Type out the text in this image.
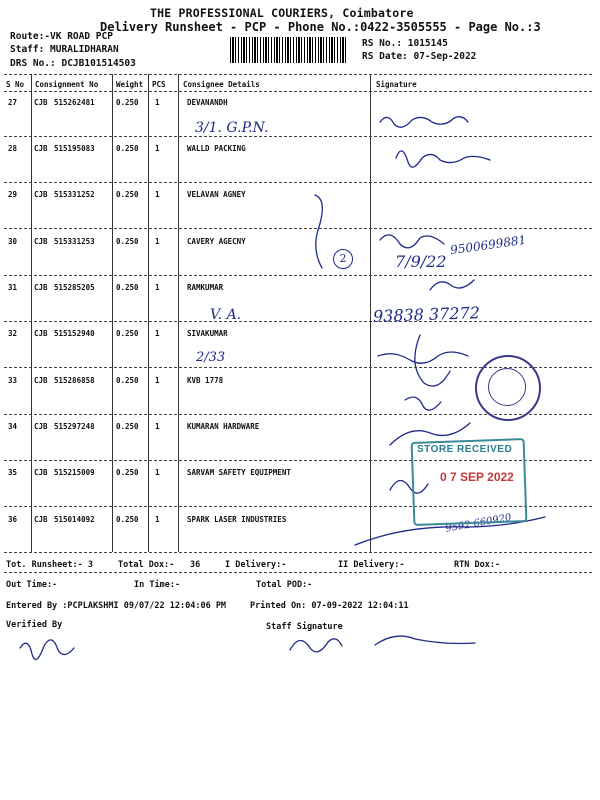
THE PROFESSIONAL COURIERS, Coimbatore
Delivery Runsheet - PCP - Phone No.:0422-3505555 - Page No.:3
Route:-VK ROAD PCP
Staff: MURALIDHARAN
DRS No.: DCJB101514503
RS No.: 1015145
RS Date: 07-Sep-2022
S No Consignment No Weight PCS Consignee Details	Signature
27 CJB 515262481	0.250 1	DEVANANDH
28 CJB 515195083	0.250 1	WALLD PACKING
29 CJB 515331252	0.250 1	VELAVAN AGNEY
30 CJB 515331253	0.250 1	CAVERY AGECNY
31 CJB 515285205	0.250 1	RAMKUMAR
32 CJB 515152940	0.250 1	SIVAKUMAR
33 CJB 515286858	0.250 1	KVB 1778
34 CJB 515297248	0.250 1	KUMARAN HARDWARE
35 CJB 515215009	0.250 1	SARVAM SAFETY EQUIPMENT
36 CJB 515014092	0.250 1	SPARK LASER INDUSTRIES
3/1. G.P.N.
V. A.
2/33
7/9/22
9500699881
93838 37272
9592 660920
2
STORE RECEIVED
0 7 SEP 2022
Tot. Runsheet:- 3	Total Dox:- 36	I Delivery:-	II Delivery:-	RTN Dox:-
Out Time:-	In Time:-	Total POD:-
Entered By :PCPLAKSHMI 09/07/22 12:04:06 PM	Printed On: 07-09-2022 12:04:11
Verified By	Staff Signature
